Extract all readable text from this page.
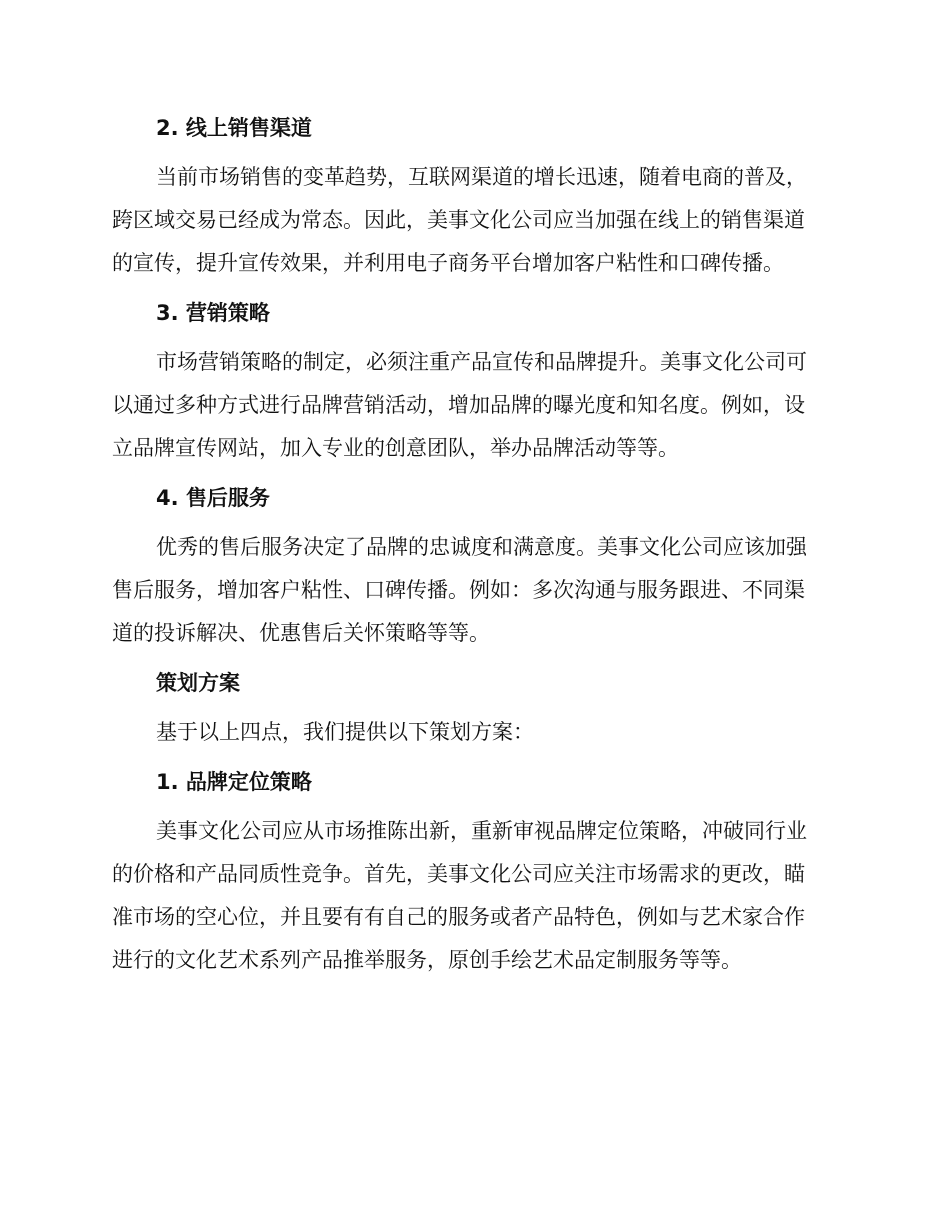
2. 线上销售渠道
当前市场销售的变革趋势，互联网渠道的增长迅速，随着电商的普及，
跨区域交易已经成为常态。因此，美事文化公司应当加强在线上的销售渠道
的宣传，提升宣传效果，并利用电子商务平台增加客户粘性和口碑传播。
3. 营销策略
市场营销策略的制定，必须注重产品宣传和品牌提升。美事文化公司可
以通过多种方式进行品牌营销活动，增加品牌的曝光度和知名度。例如，设
立品牌宣传网站，加入专业的创意团队，举办品牌活动等等。
4. 售后服务
优秀的售后服务决定了品牌的忠诚度和满意度。美事文化公司应该加强
售后服务，增加客户粘性、口碑传播。例如：多次沟通与服务跟进、不同渠
道的投诉解决、优惠售后关怀策略等等。
策划方案
基于以上四点，我们提供以下策划方案：
1. 品牌定位策略
美事文化公司应从市场推陈出新，重新审视品牌定位策略，冲破同行业
的价格和产品同质性竞争。首先，美事文化公司应关注市场需求的更改，瞄
准市场的空心位，并且要有有自己的服务或者产品特色，例如与艺术家合作
进行的文化艺术系列产品推举服务，原创手绘艺术品定制服务等等。
